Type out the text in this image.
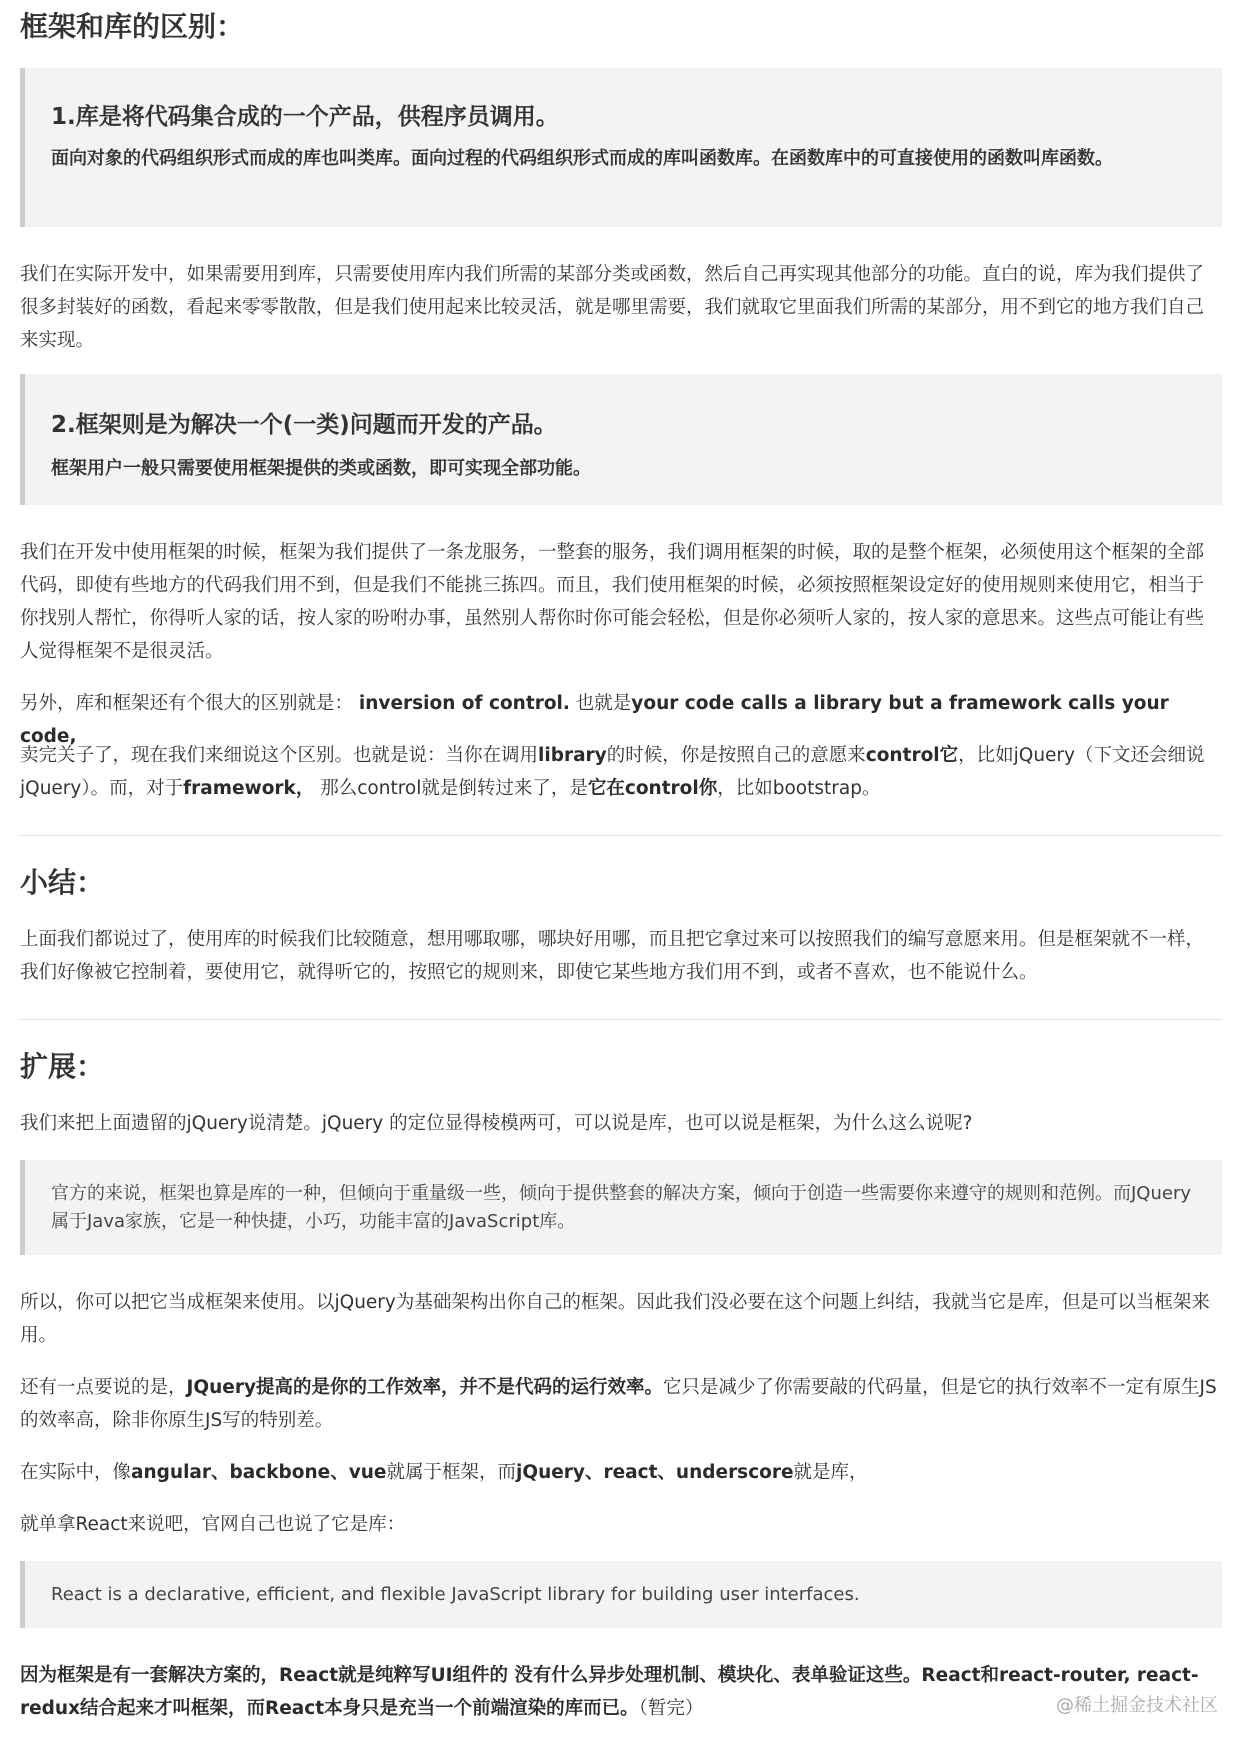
框架和库的区别：
1.库是将代码集合成的一个产品，供程序员调用。

面向对象的代码组织形式而成的库也叫类库。面向过程的代码组织形式而成的库叫函数库。在函数库中的可直接使用的函数叫库函数。

我们在实际开发中，如果需要用到库，只需要使用库内我们所需的某部分类或函数，然后自己再实现其他部分的功能。直白的说，库为我们提供了很多封装好的函数，看起来零零散散，但是我们使用起来比较灵活，就是哪里需要，我们就取它里面我们所需的某部分，用不到它的地方我们自己来实现。

2.框架则是为解决一个(一类)问题而开发的产品。

框架用户一般只需要使用框架提供的类或函数，即可实现全部功能。

我们在开发中使用框架的时候，框架为我们提供了一条龙服务，一整套的服务，我们调用框架的时候，取的是整个框架，必须使用这个框架的全部代码，即使有些地方的代码我们用不到，但是我们不能挑三拣四。而且，我们使用框架的时候，必须按照框架设定好的使用规则来使用它，相当于你找别人帮忙，你得听人家的话，按人家的吩咐办事，虽然别人帮你时你可能会轻松，但是你必须听人家的，按人家的意思来。这些点可能让有些人觉得框架不是很灵活。

另外，库和框架还有个很大的区别就是： inversion of control. 也就是your code calls a library but a framework calls your code,

卖完关子了，现在我们来细说这个区别。也就是说：当你在调用library的时候，你是按照自己的意愿来control它，比如jQuery（下文还会细说jQuery）。而，对于framework， 那么control就是倒转过来了，是它在control你，比如bootstrap。

小结：

上面我们都说过了，使用库的时候我们比较随意，想用哪取哪，哪块好用哪，而且把它拿过来可以按照我们的编写意愿来用。但是框架就不一样，我们好像被它控制着，要使用它，就得听它的，按照它的规则来，即使它某些地方我们用不到，或者不喜欢，也不能说什么。

扩展：

我们来把上面遗留的jQuery说清楚。jQuery 的定位显得棱模两可，可以说是库，也可以说是框架，为什么这么说呢?

官方的来说，框架也算是库的一种，但倾向于重量级一些，倾向于提供整套的解决方案，倾向于创造一些需要你来遵守的规则和范例。而JQuery属于Java家族，它是一种快捷，小巧，功能丰富的JavaScript库。

所以，你可以把它当成框架来使用。以jQuery为基础架构出你自己的框架。因此我们没必要在这个问题上纠结，我就当它是库，但是可以当框架来用。

还有一点要说的是，JQuery提高的是你的工作效率，并不是代码的运行效率。它只是减少了你需要敲的代码量，但是它的执行效率不一定有原生JS的效率高，除非你原生JS写的特别差。

在实际中，像angular、backbone、vue就属于框架，而jQuery、react、underscore就是库，

就单拿React来说吧，官网自己也说了它是库：

React is a declarative, efficient, and flexible JavaScript library for building user interfaces.

因为框架是有一套解决方案的，React就是纯粹写UI组件的 没有什么异步处理机制、模块化、表单验证这些。React和react-router, react-redux结合起来才叫框架，而React本身只是充当一个前端渲染的库而已。（暂完）	@稀土掘金技术社区
